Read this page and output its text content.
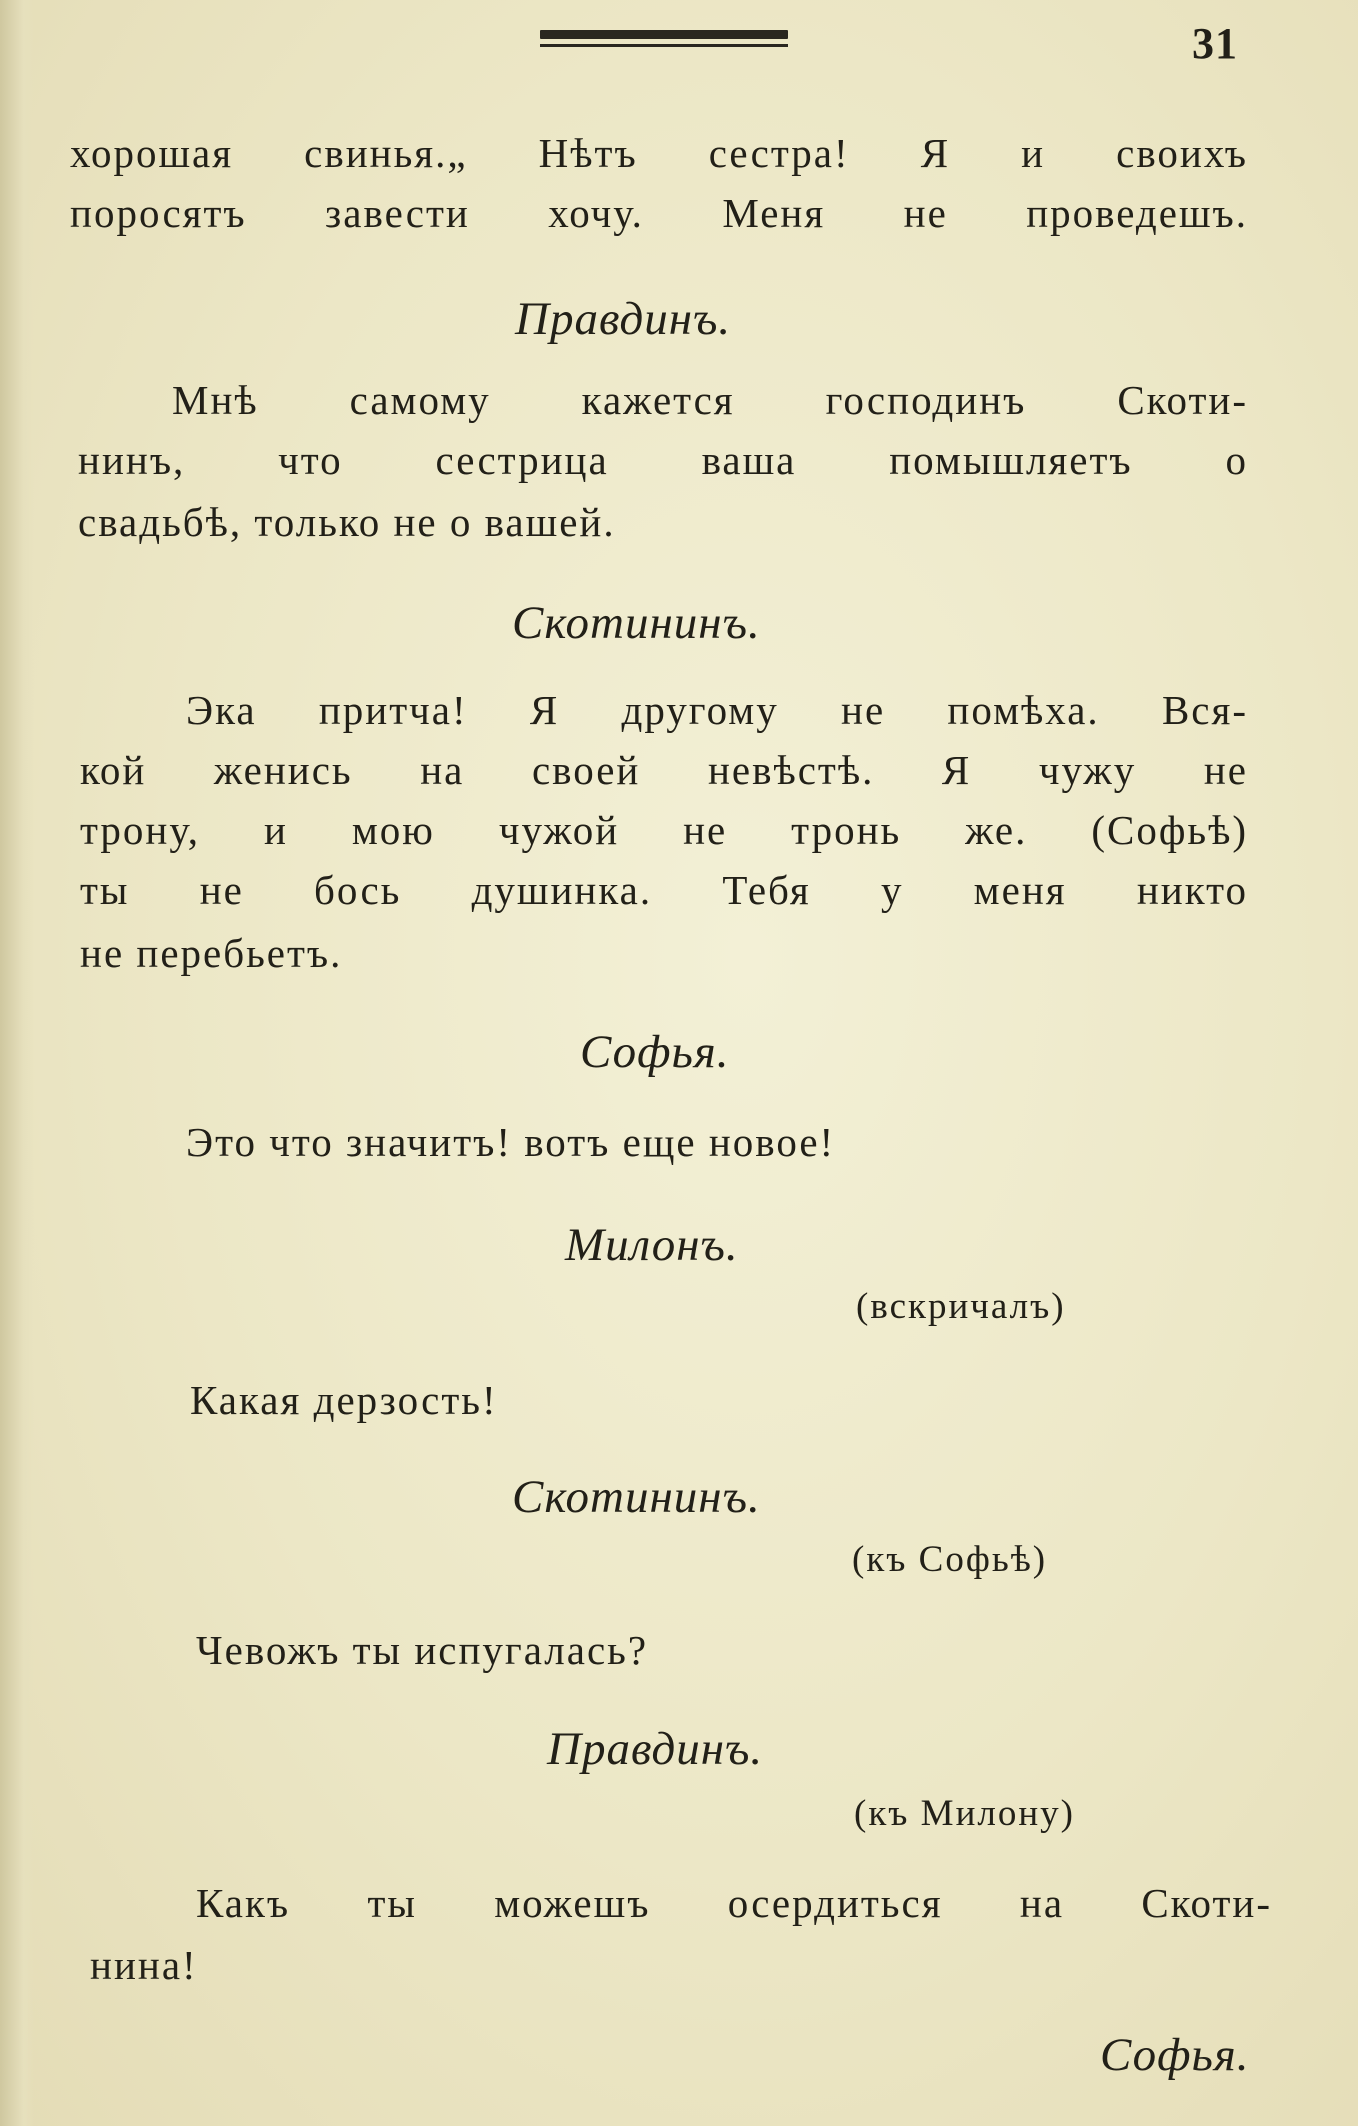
31
хорошая свинья.„ Нѣтъ сестра! Я и своихъ
поросятъ завести хочу. Меня не проведешъ.
Правдинъ.
Мнѣ самому кажется господинъ Скоти-
нинъ, что сестрица ваша помышляетъ о
свадьбѣ, только не о вашей.
Скотининъ.
Эка притча! Я другому не помѣха. Вся-
кой женись на своей невѣстѣ. Я чужу не
трону, и мою чужой не тронь же. (Софьѣ)
ты не бось душинка. Тебя у меня никто
не перебьетъ.
Софья.
Это что значитъ! вотъ еще новое!
Милонъ.
(вскричалъ)
Какая дерзость!
Скотининъ.
(къ Софьѣ)
Чевожъ ты испугалась?
Правдинъ.
(къ Милону)
Какъ ты можешъ осердиться на Скоти-
нина!
Софья.
